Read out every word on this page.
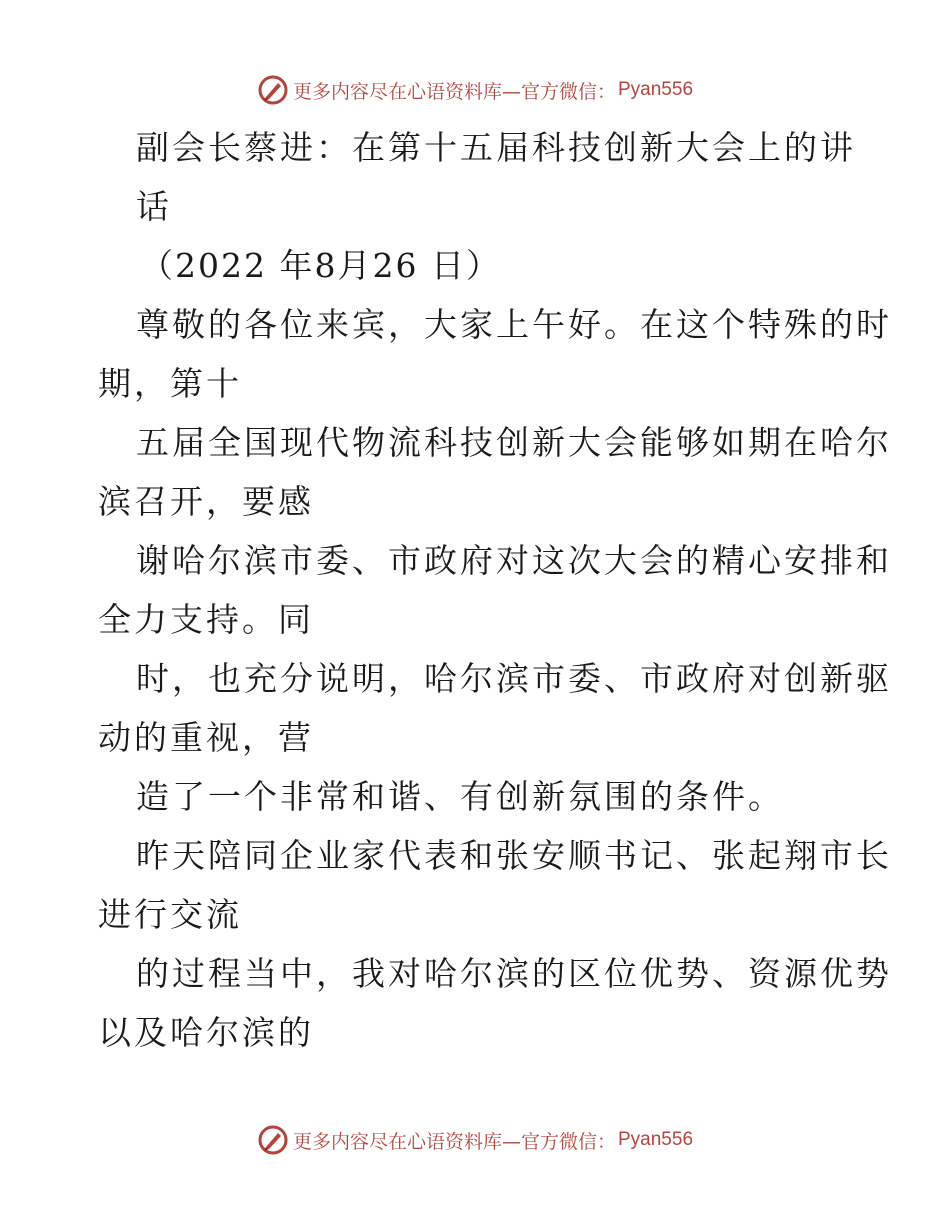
更多内容尽在心语资料库—官方微信： Pyan556
副会长蔡进：在第十五届科技创新大会上的讲
话
（2022 年8月26 日）
尊敬的各位来宾，大家上午好。在这个特殊的时
期，第十
五届全国现代物流科技创新大会能够如期在哈尔
滨召开，要感
谢哈尔滨市委、市政府对这次大会的精心安排和
全力支持。同
时，也充分说明，哈尔滨市委、市政府对创新驱
动的重视，营
造了一个非常和谐、有创新氛围的条件。
昨天陪同企业家代表和张安顺书记、张起翔市长
进行交流
的过程当中，我对哈尔滨的区位优势、资源优势
以及哈尔滨的
更多内容尽在心语资料库—官方微信： Pyan556
